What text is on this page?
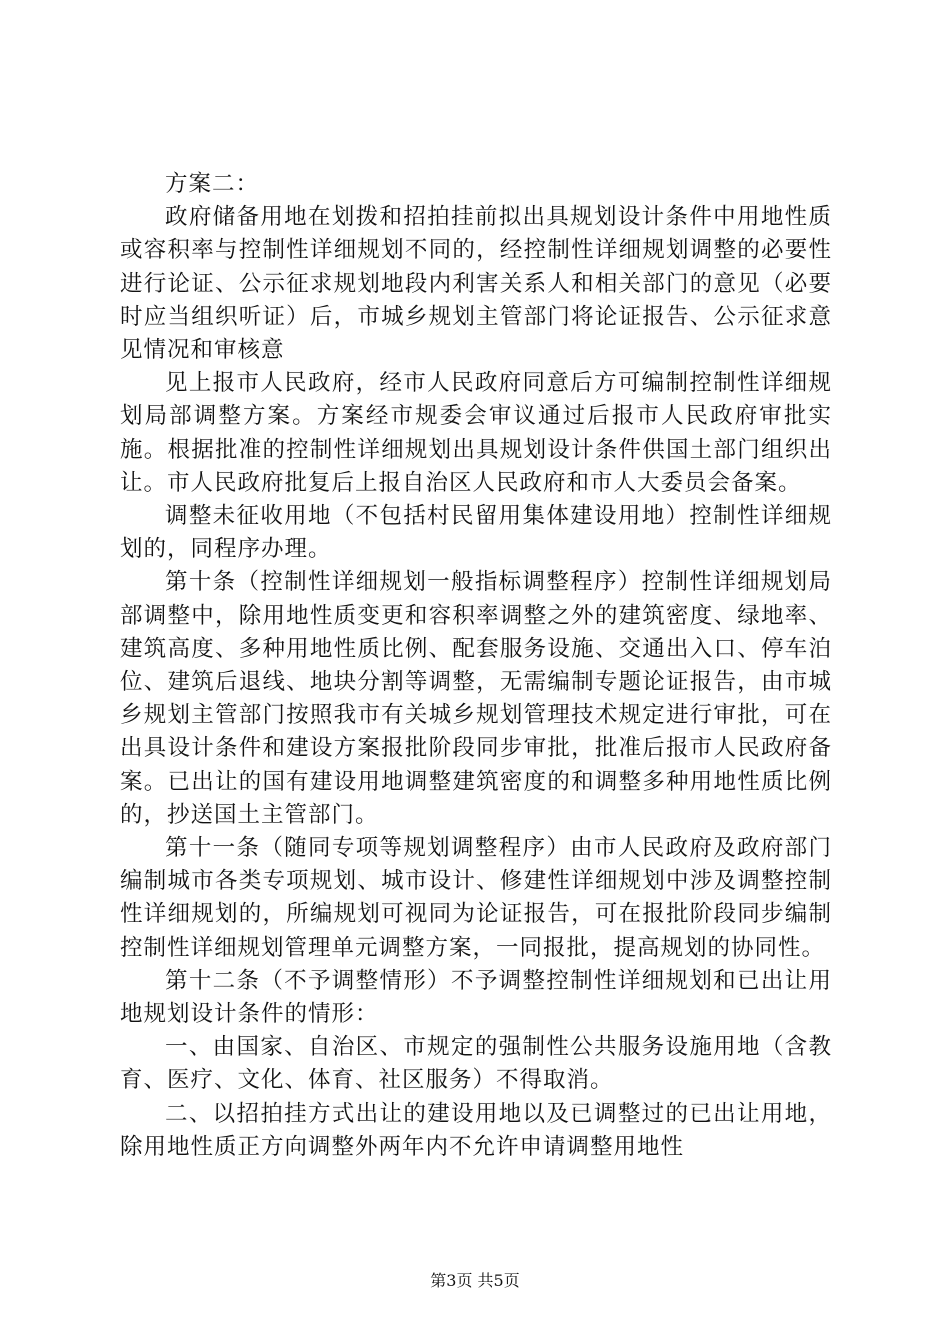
方案二：

政府储备用地在划拨和招拍挂前拟出具规划设计条件中用地性质或容积率与控制性详细规划不同的，经控制性详细规划调整的必要性进行论证、公示征求规划地段内利害关系人和相关部门的意见（必要时应当组织听证）后，市城乡规划主管部门将论证报告、公示征求意见情况和审核意

见上报市人民政府，经市人民政府同意后方可编制控制性详细规划局部调整方案。方案经市规委会审议通过后报市人民政府审批实施。根据批准的控制性详细规划出具规划设计条件供国土部门组织出让。市人民政府批复后上报自治区人民政府和市人大委员会备案。

调整未征收用地（不包括村民留用集体建设用地）控制性详细规划的，同程序办理。

第十条（控制性详细规划一般指标调整程序）控制性详细规划局部调整中，除用地性质变更和容积率调整之外的建筑密度、绿地率、建筑高度、多种用地性质比例、配套服务设施、交通出入口、停车泊位、建筑后退线、地块分割等调整，无需编制专题论证报告，由市城乡规划主管部门按照我市有关城乡规划管理技术规定进行审批，可在出具设计条件和建设方案报批阶段同步审批，批准后报市人民政府备案。已出让的国有建设用地调整建筑密度的和调整多种用地性质比例的，抄送国土主管部门。

第十一条（随同专项等规划调整程序）由市人民政府及政府部门编制城市各类专项规划、城市设计、修建性详细规划中涉及调整控制性详细规划的，所编规划可视同为论证报告，可在报批阶段同步编制控制性详细规划管理单元调整方案，一同报批，提高规划的协同性。

第十二条（不予调整情形）不予调整控制性详细规划和已出让用地规划设计条件的情形：

一、由国家、自治区、市规定的强制性公共服务设施用地（含教育、医疗、文化、体育、社区服务）不得取消。

二、以招拍挂方式出让的建设用地以及已调整过的已出让用地，除用地性质正方向调整外两年内不允许申请调整用地性

第3页 共5页
